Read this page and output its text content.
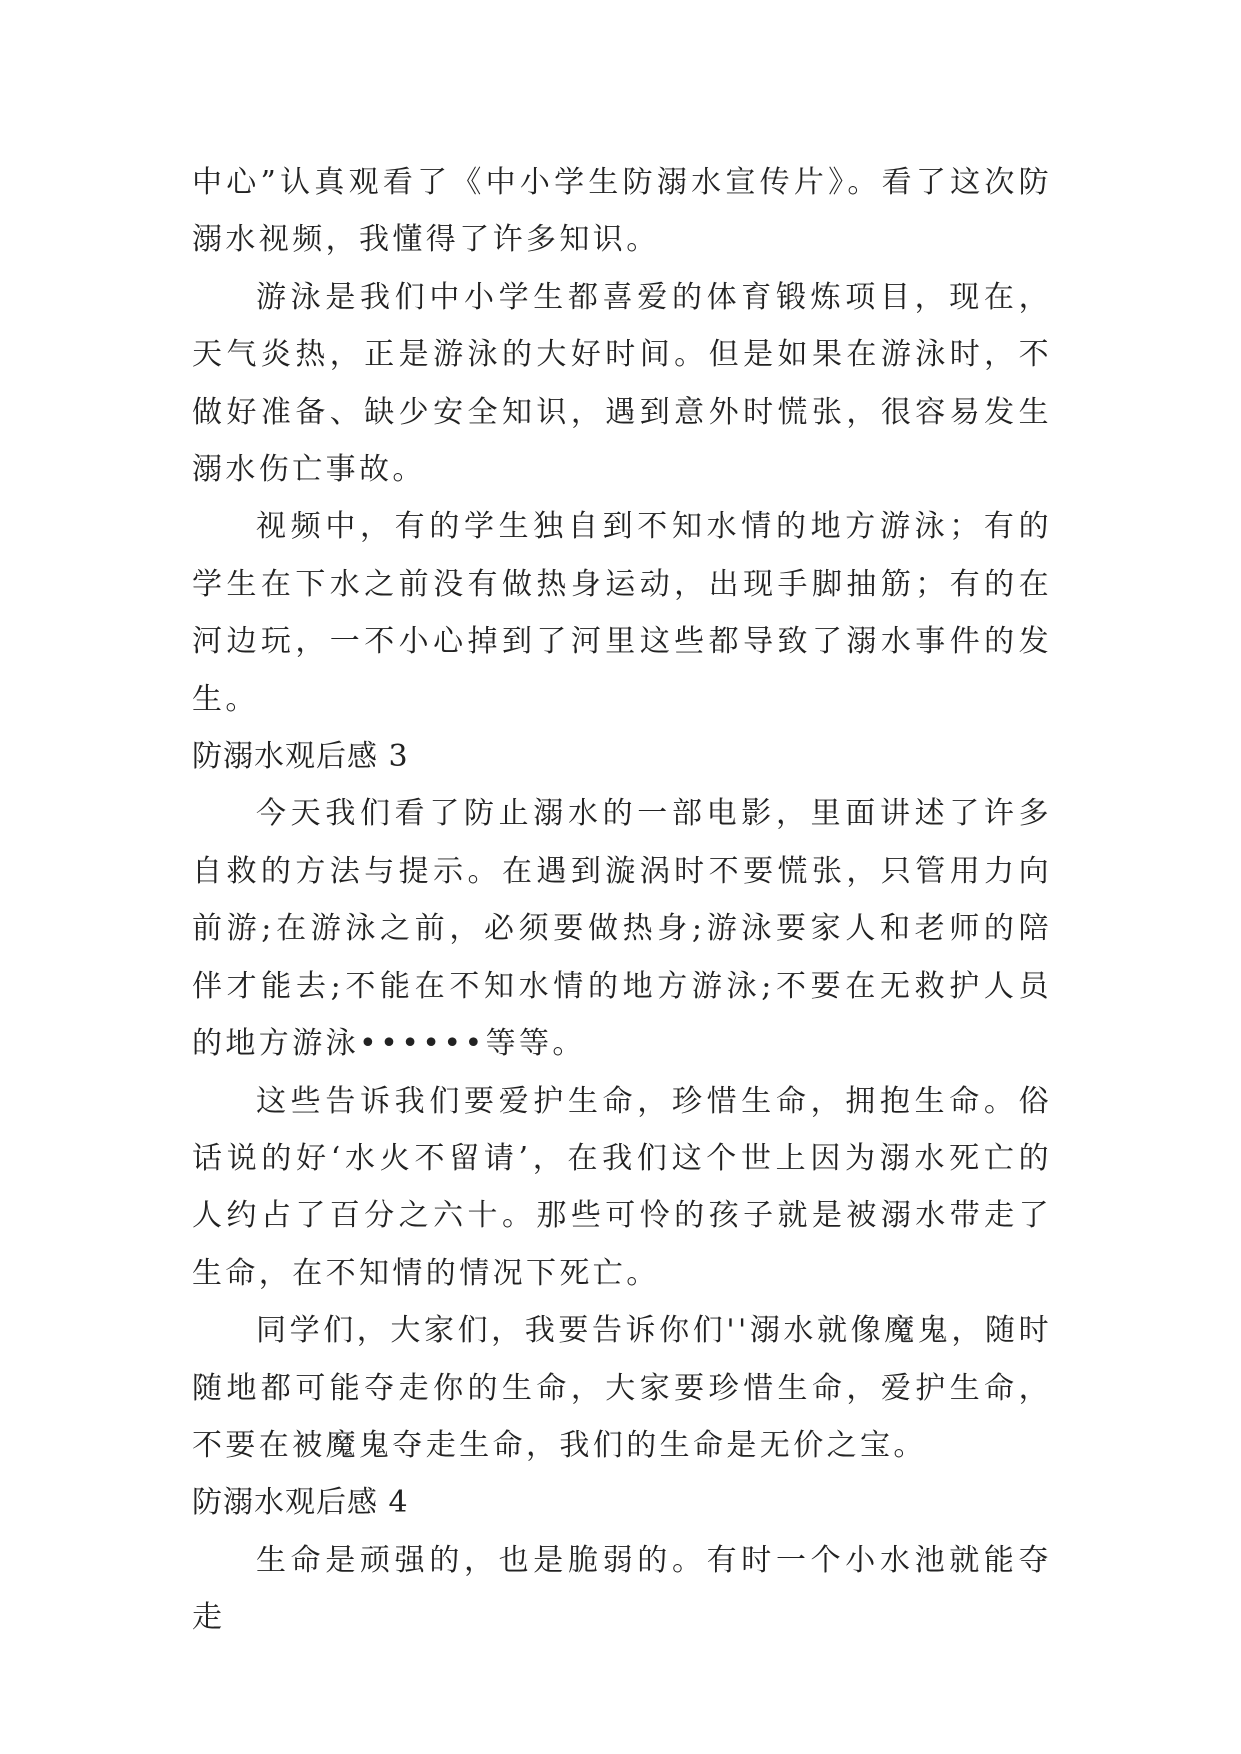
中心”认真观看了《中小学生防溺水宣传片》。看了这次防溺水视频，我懂得了许多知识。

游泳是我们中小学生都喜爱的体育锻炼项目，现在，天气炎热，正是游泳的大好时间。但是如果在游泳时，不做好准备、缺少安全知识，遇到意外时慌张，很容易发生溺水伤亡事故。

视频中，有的学生独自到不知水情的地方游泳；有的学生在下水之前没有做热身运动，出现手脚抽筋；有的在河边玩，一不小心掉到了河里这些都导致了溺水事件的发生。

防溺水观后感 3

今天我们看了防止溺水的一部电影，里面讲述了许多自救的方法与提示。在遇到漩涡时不要慌张，只管用力向前游;在游泳之前，必须要做热身;游泳要家人和老师的陪伴才能去;不能在不知水情的地方游泳;不要在无救护人员的地方游泳••••••等等。

这些告诉我们要爱护生命，珍惜生命，拥抱生命。俗话说的好‘水火不留请’，在我们这个世上因为溺水死亡的人约占了百分之六十。那些可怜的孩子就是被溺水带走了生命，在不知情的情况下死亡。

同学们，大家们，我要告诉你们''溺水就像魔鬼，随时随地都可能夺走你的生命，大家要珍惜生命，爱护生命，不要在被魔鬼夺走生命，我们的生命是无价之宝。

防溺水观后感 4

生命是顽强的，也是脆弱的。有时一个小水池就能夺走
